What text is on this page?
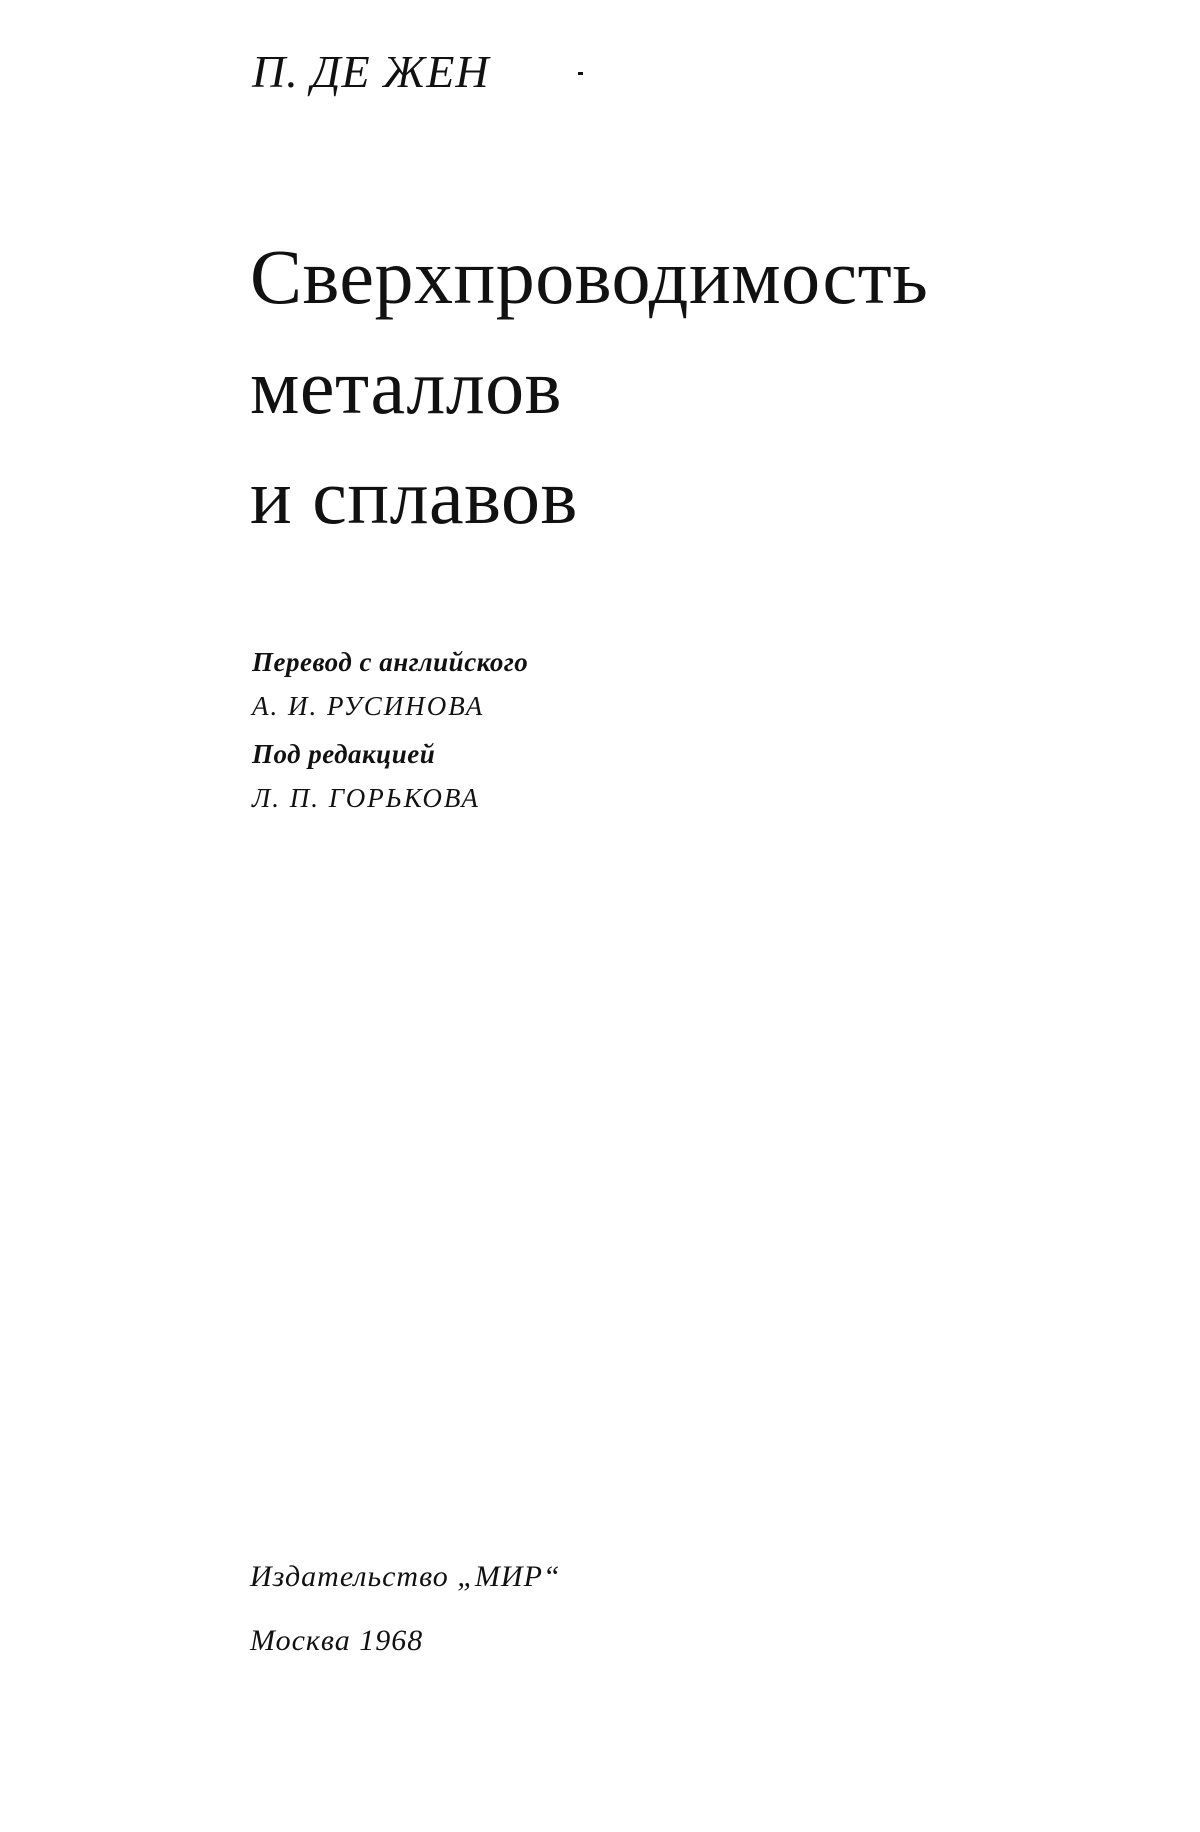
П. ДЕ ЖЕН

Сверхпроводимость
металлов
и сплавов
Перевод с английского
А. И. РУСИНОВА
Под редакцией
Л. П. ГОРЬКОВА
Издательство „МИР“
Москва 1968
